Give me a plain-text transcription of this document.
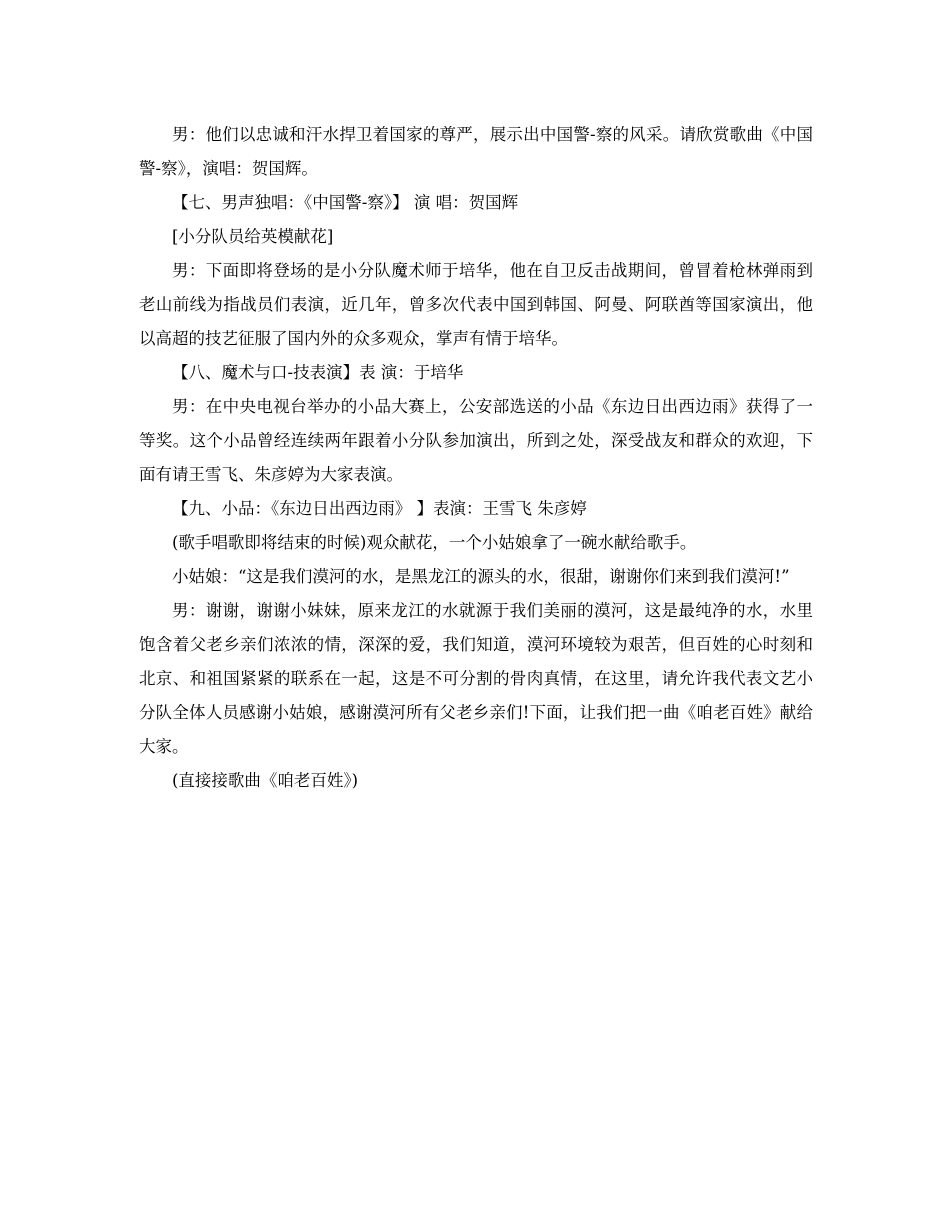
男：他们以忠诚和汗水捍卫着国家的尊严，展示出中国警-察的风采。请欣赏歌曲《中国警-察》，演唱：贺国辉。

【七、男声独唱：《中国警-察》】 演 唱：贺国辉

[小分队员给英模献花]

男：下面即将登场的是小分队魔术师于培华，他在自卫反击战期间，曾冒着枪林弹雨到老山前线为指战员们表演，近几年，曾多次代表中国到韩国、阿曼、阿联酋等国家演出，他以高超的技艺征服了国内外的众多观众，掌声有情于培华。

【八、魔术与口-技表演】表 演：于培华

男：在中央电视台举办的小品大赛上，公安部选送的小品《东边日出西边雨》获得了一等奖。这个小品曾经连续两年跟着小分队参加演出，所到之处，深受战友和群众的欢迎，下面有请王雪飞、朱彦婷为大家表演。

【九、小品：《东边日出西边雨》 】表演：王雪飞 朱彦婷

(歌手唱歌即将结束的时候)观众献花，一个小姑娘拿了一碗水献给歌手。

小姑娘：“这是我们漠河的水，是黑龙江的源头的水，很甜，谢谢你们来到我们漠河!”

男：谢谢，谢谢小妹妹，原来龙江的水就源于我们美丽的漠河，这是最纯净的水，水里饱含着父老乡亲们浓浓的情，深深的爱，我们知道，漠河环境较为艰苦，但百姓的心时刻和北京、和祖国紧紧的联系在一起，这是不可分割的骨肉真情，在这里，请允许我代表文艺小分队全体人员感谢小姑娘，感谢漠河所有父老乡亲们!下面，让我们把一曲《咱老百姓》献给大家。

(直接接歌曲《咱老百姓》)
